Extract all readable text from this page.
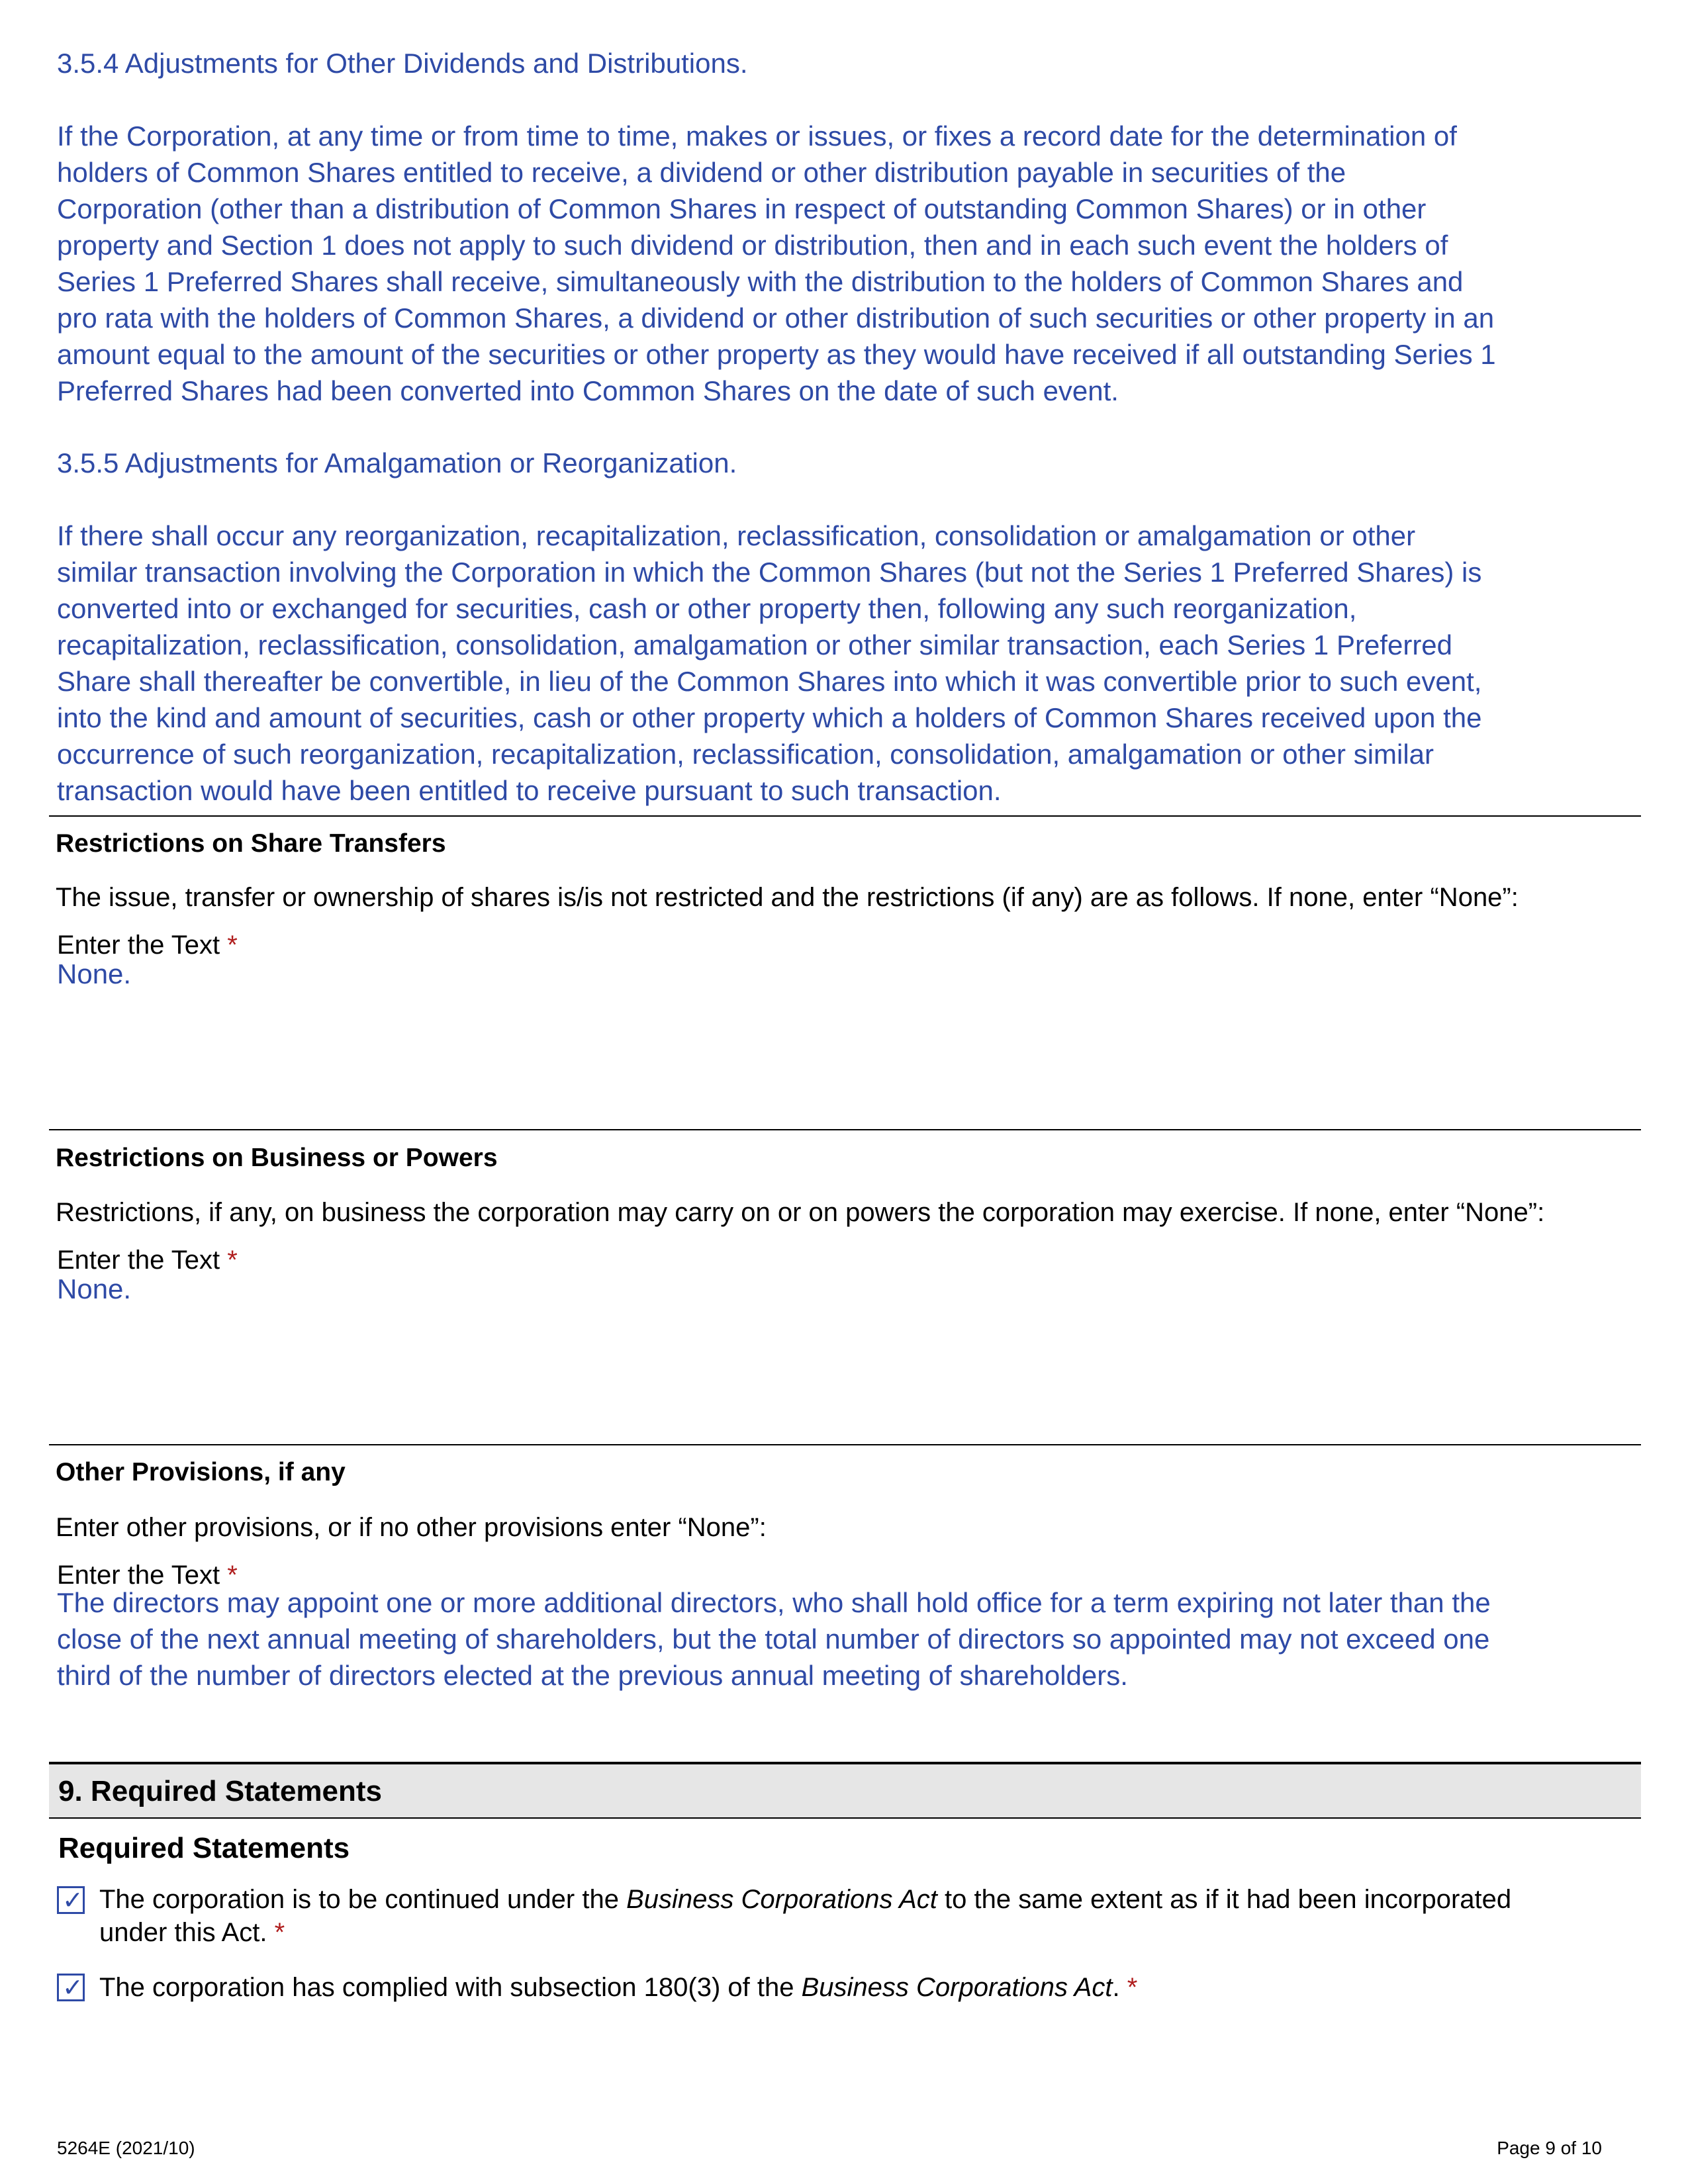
3.5.4 Adjustments for Other Dividends and Distributions.
If the Corporation, at any time or from time to time, makes or issues, or fixes a record date for the determination of
holders of Common Shares entitled to receive, a dividend or other distribution payable in securities of the
Corporation (other than a distribution of Common Shares in respect of outstanding Common Shares) or in other
property and Section 1 does not apply to such dividend or distribution, then and in each such event the holders of
Series 1 Preferred Shares shall receive, simultaneously with the distribution to the holders of Common Shares and
pro rata with the holders of Common Shares, a dividend or other distribution of such securities or other property in an
amount equal to the amount of the securities or other property as they would have received if all outstanding Series 1
Preferred Shares had been converted into Common Shares on the date of such event.
3.5.5 Adjustments for Amalgamation or Reorganization.
If there shall occur any reorganization, recapitalization, reclassification, consolidation or amalgamation or other
similar transaction involving the Corporation in which the Common Shares (but not the Series 1 Preferred Shares) is
converted into or exchanged for securities, cash or other property then, following any such reorganization,
recapitalization, reclassification, consolidation, amalgamation or other similar transaction, each Series 1 Preferred
Share shall thereafter be convertible, in lieu of the Common Shares into which it was convertible prior to such event,
into the kind and amount of securities, cash or other property which a holders of Common Shares received upon the
occurrence of such reorganization, recapitalization, reclassification, consolidation, amalgamation or other similar
transaction would have been entitled to receive pursuant to such transaction.
Restrictions on Share Transfers
The issue, transfer or ownership of shares is/is not restricted and the restrictions (if any) are as follows. If none, enter “None”:
Enter the Text *
None.
Restrictions on Business or Powers
Restrictions, if any, on business the corporation may carry on or on powers the corporation may exercise. If none, enter “None”:
Enter the Text *
None.
Other Provisions, if any
Enter other provisions, or if no other provisions enter “None”:
Enter the Text *
The directors may appoint one or more additional directors, who shall hold office for a term expiring not later than the
close of the next annual meeting of shareholders, but the total number of directors so appointed may not exceed one
third of the number of directors elected at the previous annual meeting of shareholders.
9. Required Statements
Required Statements
✓ The corporation is to be continued under the Business Corporations Act to the same extent as if it had been incorporated
under this Act. *
✓ The corporation has complied with subsection 180(3) of the Business Corporations Act. *
5264E (2021/10)	Page 9 of 10
